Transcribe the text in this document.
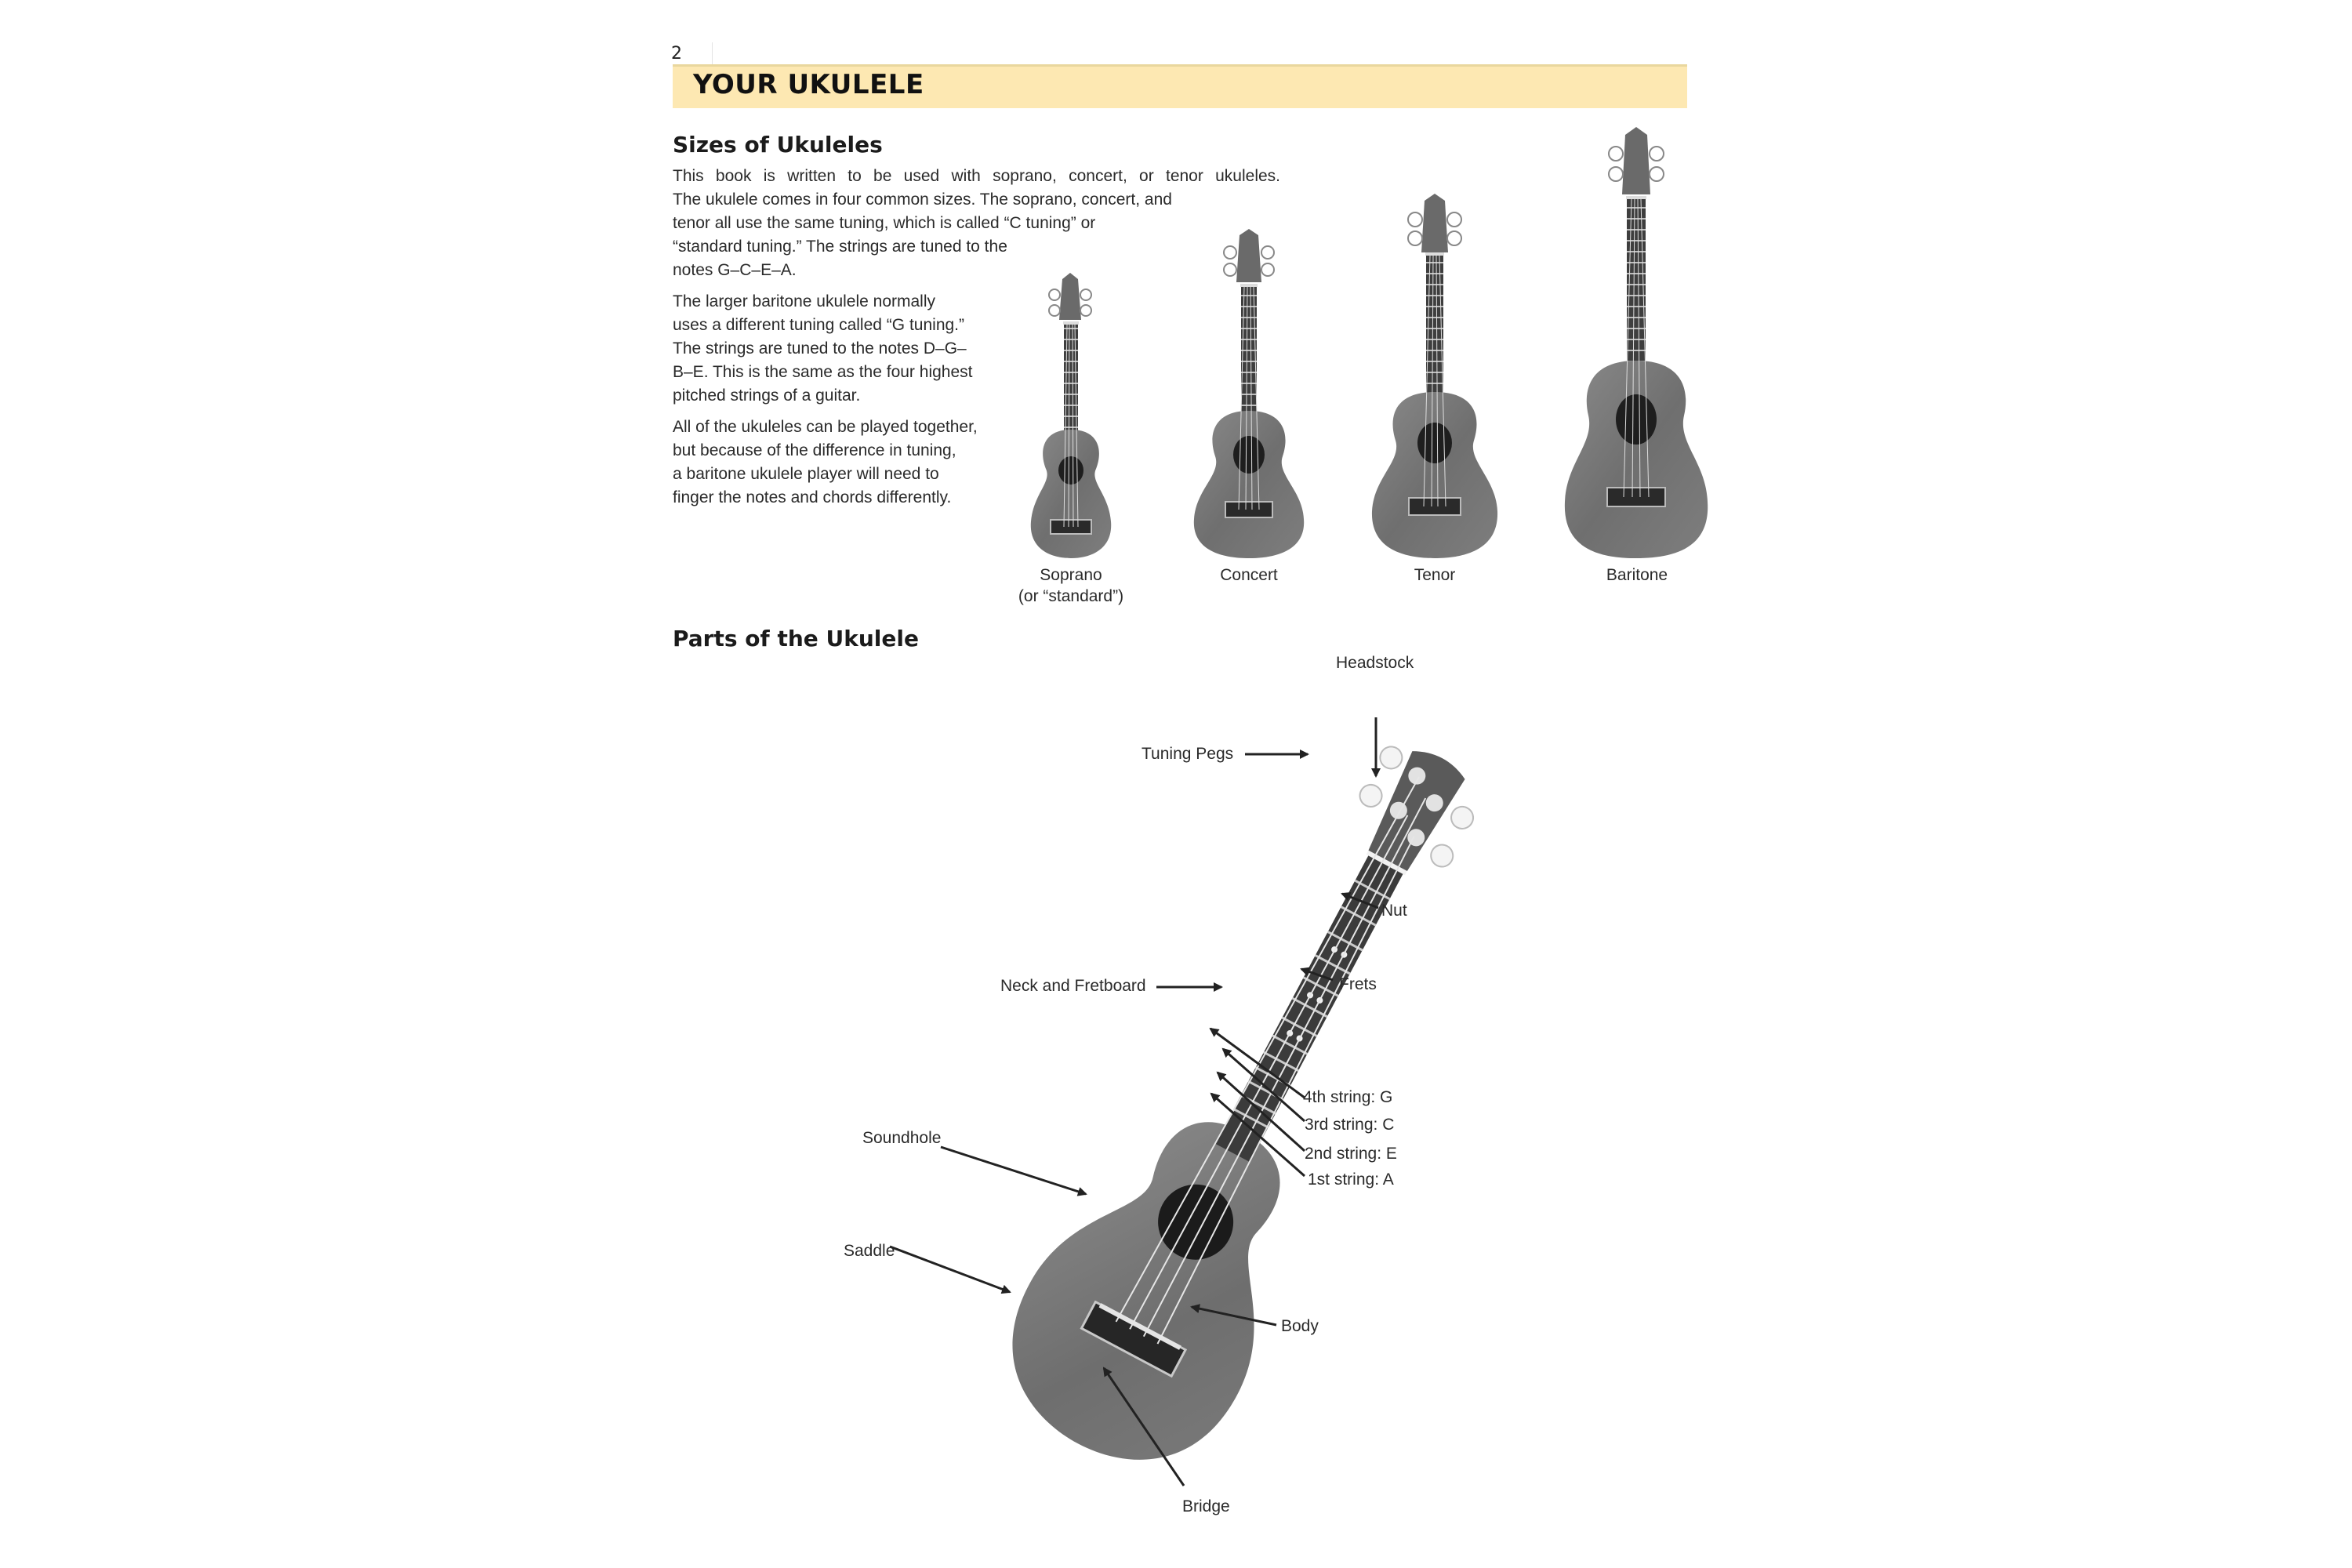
2
YOUR UKULELE
Sizes of Ukuleles
This book is written to be used with soprano, concert, or tenor ukuleles.
The ukulele comes in four common sizes. The soprano, concert, and
tenor all use the same tuning, which is called “C tuning” or
“standard tuning.” The strings are tuned to the
notes G–C–E–A.
The larger baritone ukulele normally
uses a different tuning called “G tuning.”
The strings are tuned to the notes D–G–
B–E. This is the same as the four highest
pitched strings of a guitar.
All of the ukuleles can be played together,
but because of the difference in tuning,
a baritone ukulele player will need to
finger the notes and chords differently.
Soprano
(or “standard”)
Concert	Tenor	Baritone
Parts of the Ukulele
Headstock
Tuning Pegs
Nut
Neck and Fretboard	Frets
4th string: G
3rd string: C
2nd string: E
1st string: A
Soundhole
Saddle
Body
Bridge
